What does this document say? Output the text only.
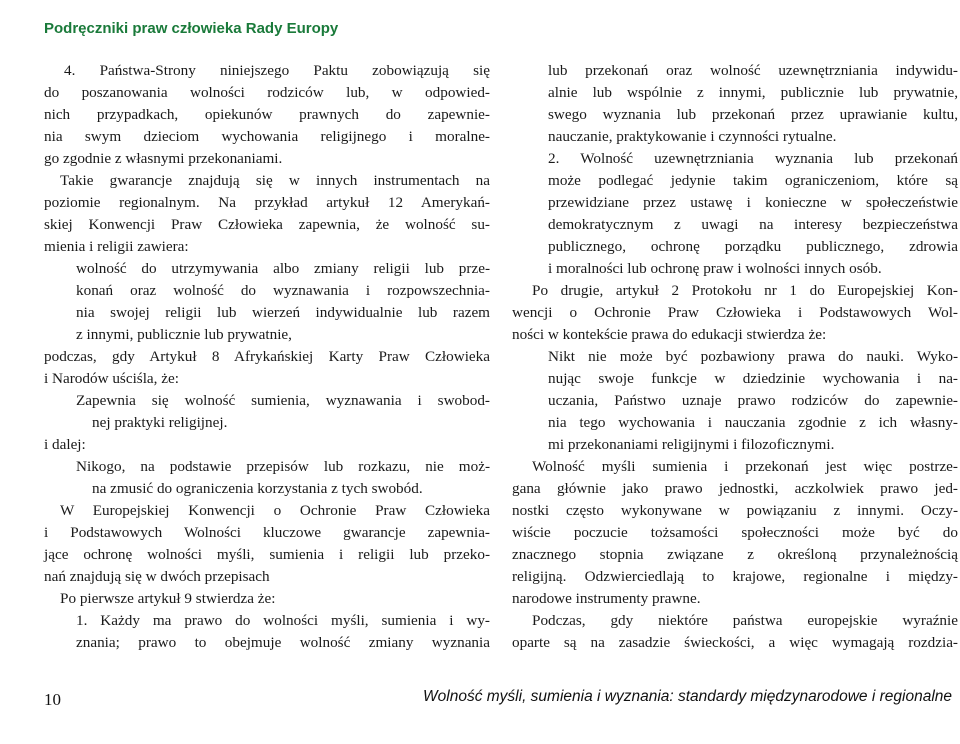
Podręczniki praw człowieka Rady Europy
4. Państwa-Strony niniejszego Paktu zobowiązują się
do poszanowania wolności rodziców lub, w odpowied-
nich przypadkach, opiekunów prawnych do zapewnie-
nia swym dzieciom wychowania religijnego i moralne-
go zgodnie z własnymi przekonaniami.
Takie gwarancje znajdują się w innych instrumentach na
poziomie regionalnym. Na przykład artykuł 12 Amerykań-
skiej Konwencji Praw Człowieka zapewnia, że wolność su-
mienia i religii zawiera:
wolność do utrzymywania albo zmiany religii lub prze-
konań oraz wolność do wyznawania i rozpowszechnia-
nia swojej religii lub wierzeń indywidualnie lub razem
z innymi, publicznie lub prywatnie,
podczas, gdy Artykuł 8 Afrykańskiej Karty Praw Człowieka
i Narodów uściśla, że:
Zapewnia się wolność sumienia, wyznawania i swobod-
nej praktyki religijnej.
i dalej:
Nikogo, na podstawie przepisów lub rozkazu, nie moż-
na zmusić do ograniczenia korzystania z tych swobód.
W Europejskiej Konwencji o Ochronie Praw Człowieka
i Podstawowych Wolności kluczowe gwarancje zapewnia-
jące ochronę wolności myśli, sumienia i religii lub przeko-
nań znajdują się w dwóch przepisach
Po pierwsze artykuł 9 stwierdza że:
1. Każdy ma prawo do wolności myśli, sumienia i wy-
znania; prawo to obejmuje wolność zmiany wyznania
lub przekonań oraz wolność uzewnętrzniania indywidu-
alnie lub wspólnie z innymi, publicznie lub prywatnie,
swego wyznania lub przekonań przez uprawianie kultu,
nauczanie, praktykowanie i czynności rytualne.
2. Wolność uzewnętrzniania wyznania lub przekonań
może podlegać jedynie takim ograniczeniom, które są
przewidziane przez ustawę i konieczne w społeczeństwie
demokratycznym z uwagi na interesy bezpieczeństwa
publicznego, ochronę porządku publicznego, zdrowia
i moralności lub ochronę praw i wolności innych osób.
Po drugie, artykuł 2 Protokołu nr 1 do Europejskiej Kon-
wencji o Ochronie Praw Człowieka i Podstawowych Wol-
ności w kontekście prawa do edukacji stwierdza że:
Nikt nie może być pozbawiony prawa do nauki. Wyko-
nując swoje funkcje w dziedzinie wychowania i na-
uczania, Państwo uznaje prawo rodziców do zapewnie-
nia tego wychowania i nauczania zgodnie z ich własny-
mi przekonaniami religijnymi i filozoficznymi.
Wolność myśli sumienia i przekonań jest więc postrze-
gana głównie jako prawo jednostki, aczkolwiek prawo jed-
nostki często wykonywane w powiązaniu z innymi. Oczy-
wiście poczucie tożsamości społeczności może być do
znacznego stopnia związane z określoną przynależnością
religijną. Odzwierciedlają to krajowe, regionalne i między-
narodowe instrumenty prawne.
Podczas, gdy niektóre państwa europejskie wyraźnie
oparte są na zasadzie świeckości, a więc wymagają rozdzia-
10	Wolność myśli, sumienia i wyznania: standardy międzynarodowe i regionalne
